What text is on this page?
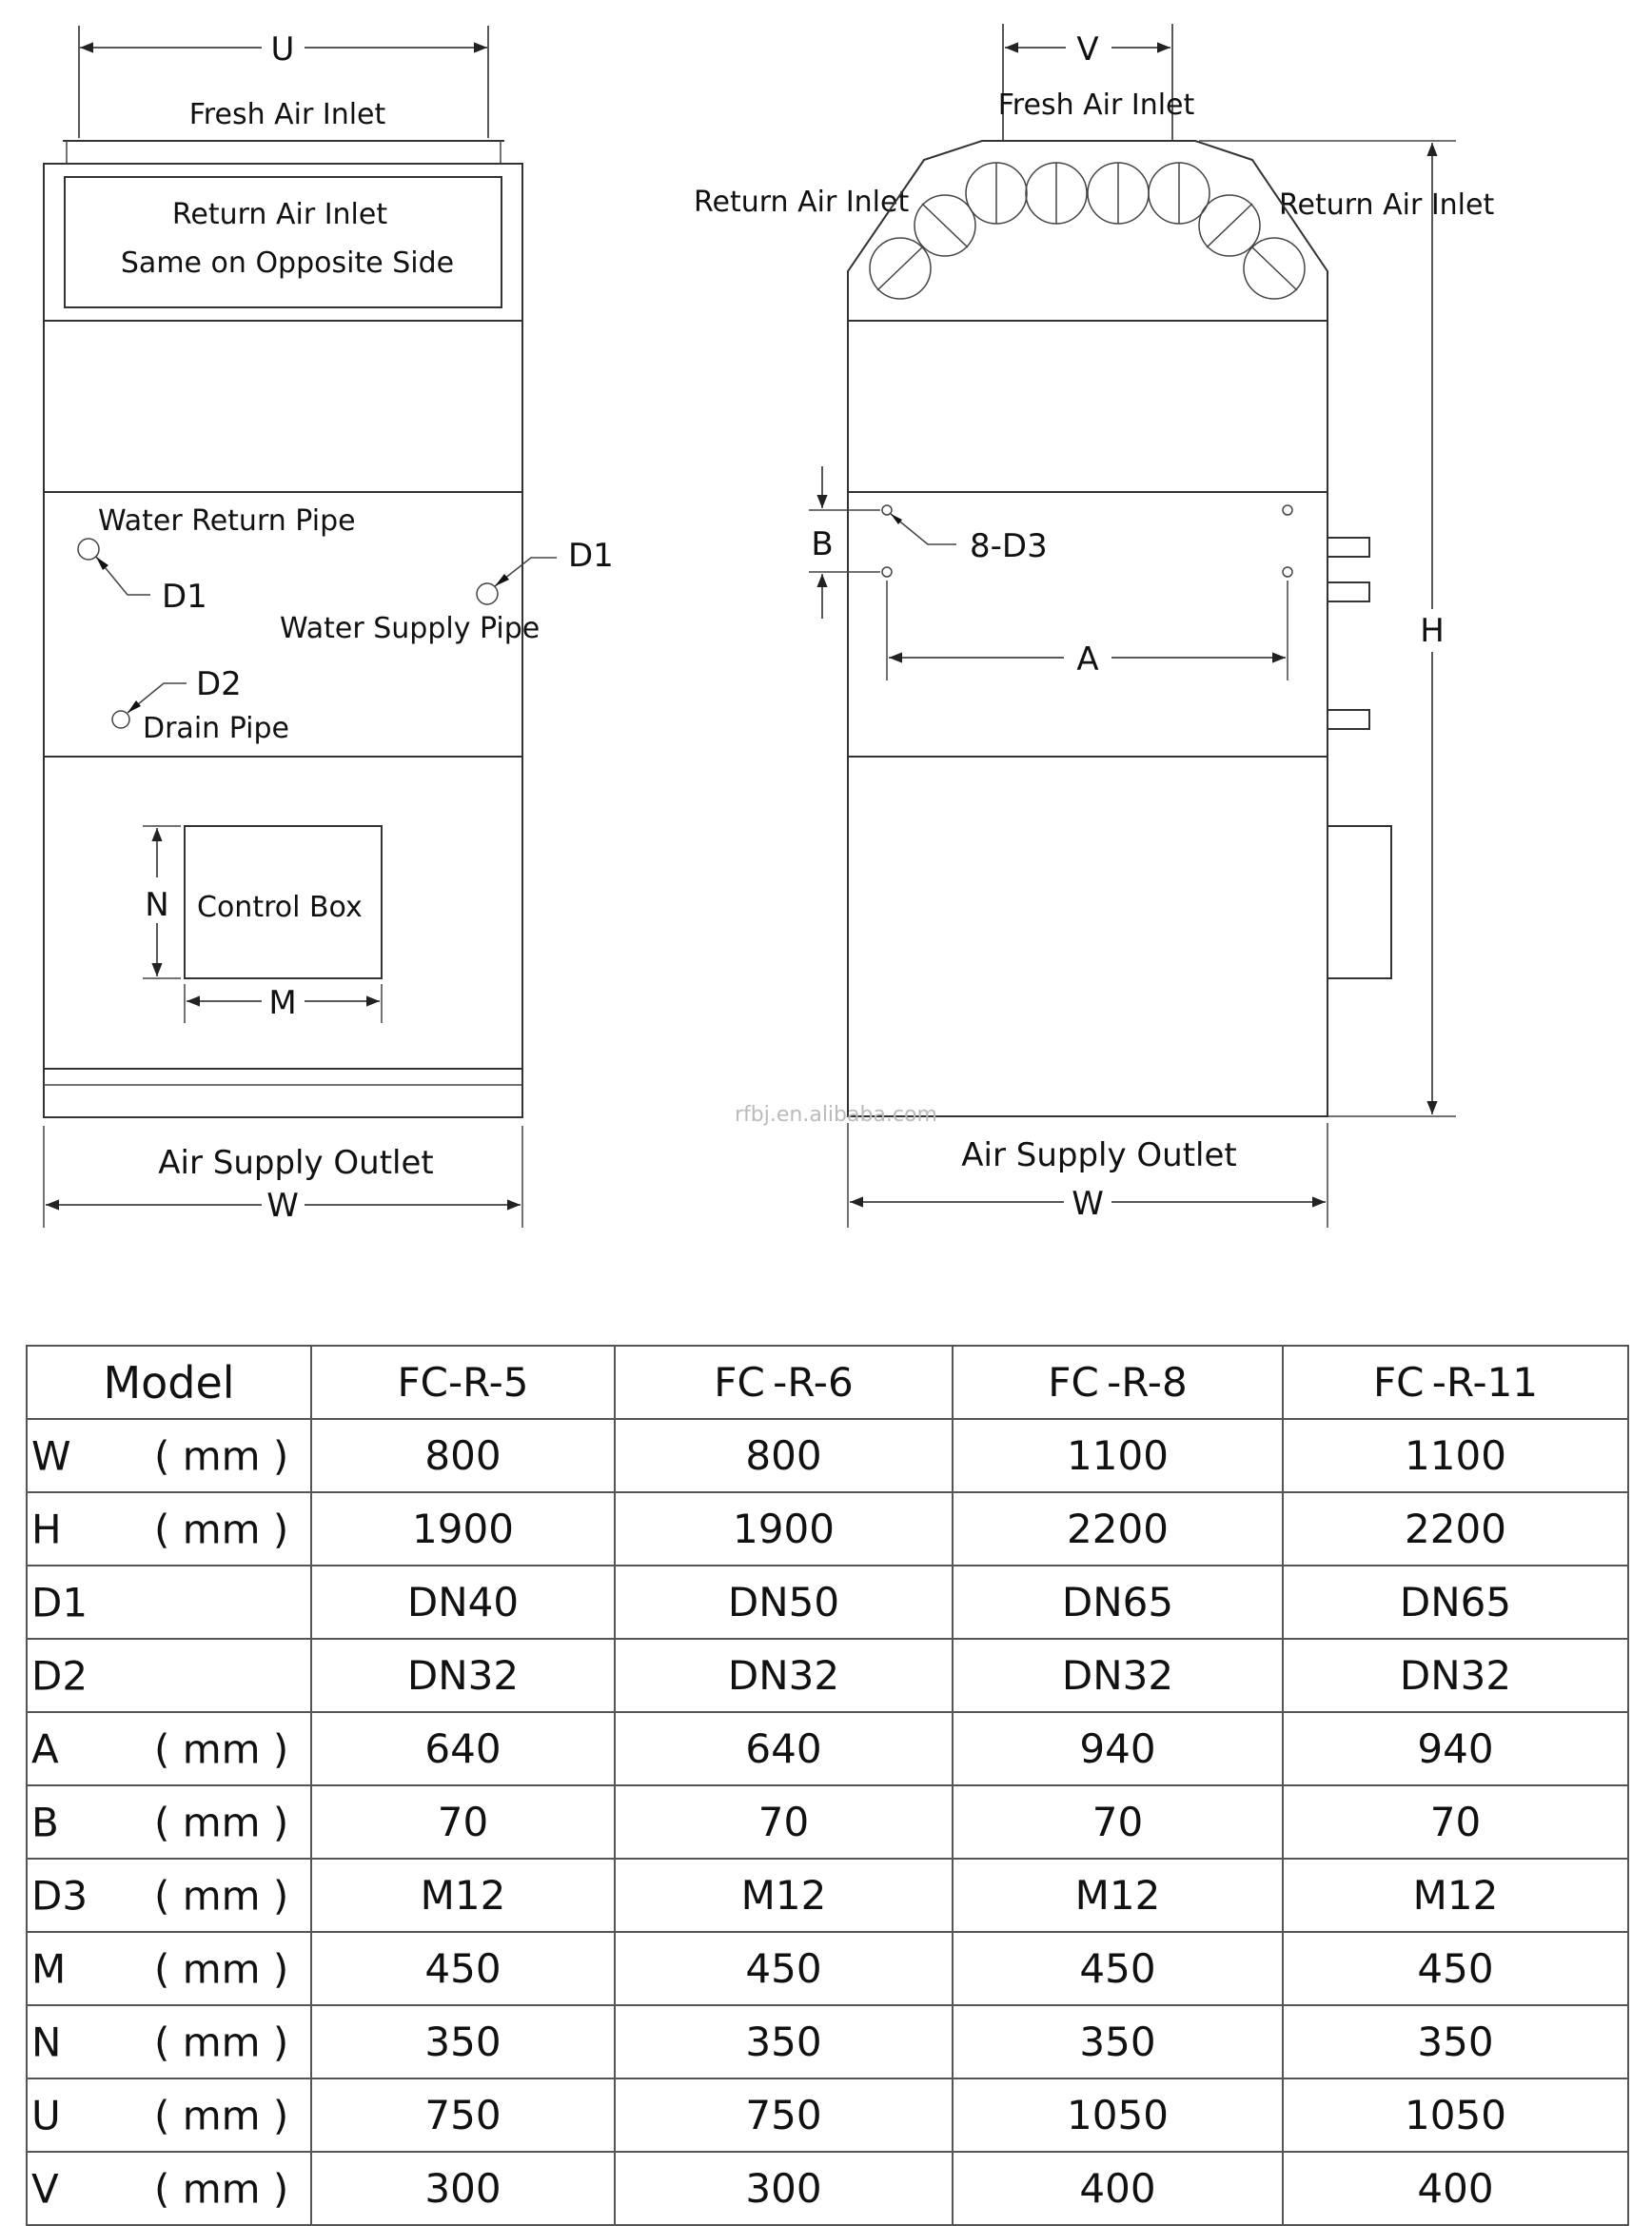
U
Fresh Air Inlet
Return Air Inlet
Same on Opposite Side
Water Return Pipe
D1
D1
Water Supply Pipe
D2
Drain Pipe
Control Box
N
M
Air Supply Outlet
W
V
Fresh Air Inlet
Return Air Inlet	Return Air Inlet
H
8-D3
B
A
rfbj.en.alibaba.com
Air Supply Outlet
W
Model	FC-R-5	FC -R-6	FC -R-8	FC -R-11

W ( mm )	800	800	1100	1100

H ( mm )	1900	1900	2200	2200

D1	DN40	DN50	DN65	DN65

D2	DN32	DN32	DN32	DN32

A ( mm )	640	640	940	940

B ( mm )	70	70	70	70

D3 ( mm )	M12	M12	M12	M12

M ( mm )	450	450	450	450

N ( mm )	350	350	350	350

U ( mm )	750	750	1050	1050

V ( mm )	300	300	400	400
